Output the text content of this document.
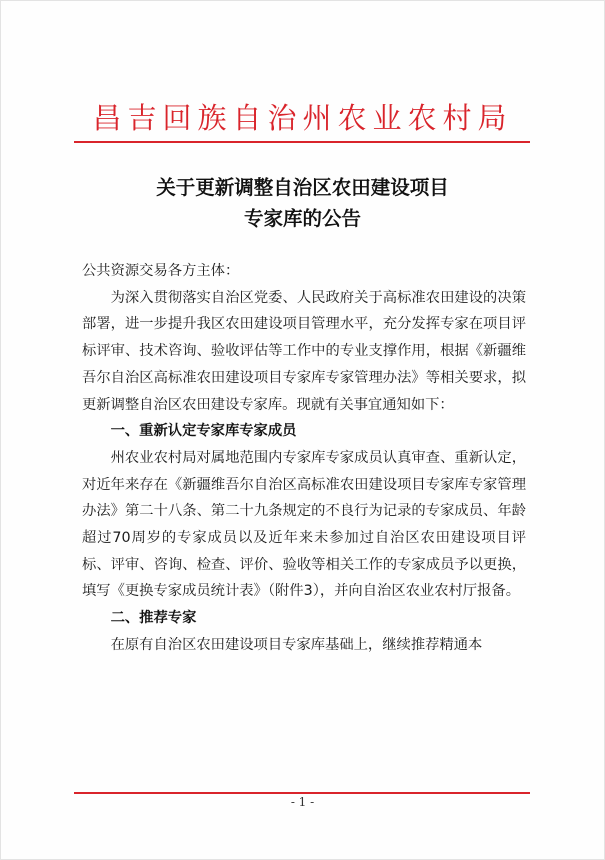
昌吉回族自治州农业农村局
关于更新调整自治区农田建设项目
专家库的公告

公共资源交易各方主体：

为深入贯彻落实自治区党委、人民政府关于高标准农田建设的决策部署，进一步提升我区农田建设项目管理水平，充分发挥专家在项目评标评审、技术咨询、验收评估等工作中的专业支撑作用，根据《新疆维吾尔自治区高标准农田建设项目专家库专家管理办法》等相关要求，拟更新调整自治区农田建设专家库。现就有关事宜通知如下：

一、重新认定专家库专家成员

州农业农村局对属地范围内专家库专家成员认真审查、重新认定，对近年来存在《新疆维吾尔自治区高标准农田建设项目专家库专家管理办法》第二十八条、第二十九条规定的不良行为记录的专家成员、年龄超过70周岁的专家成员以及近年来未参加过自治区农田建设项目评标、评审、咨询、检查、评价、验收等相关工作的专家成员予以更换，填写《更换专家成员统计表》（附件3），并向自治区农业农村厅报备。

二、推荐专家

在原有自治区农田建设项目专家库基础上，继续推荐精通本

- 1 -
